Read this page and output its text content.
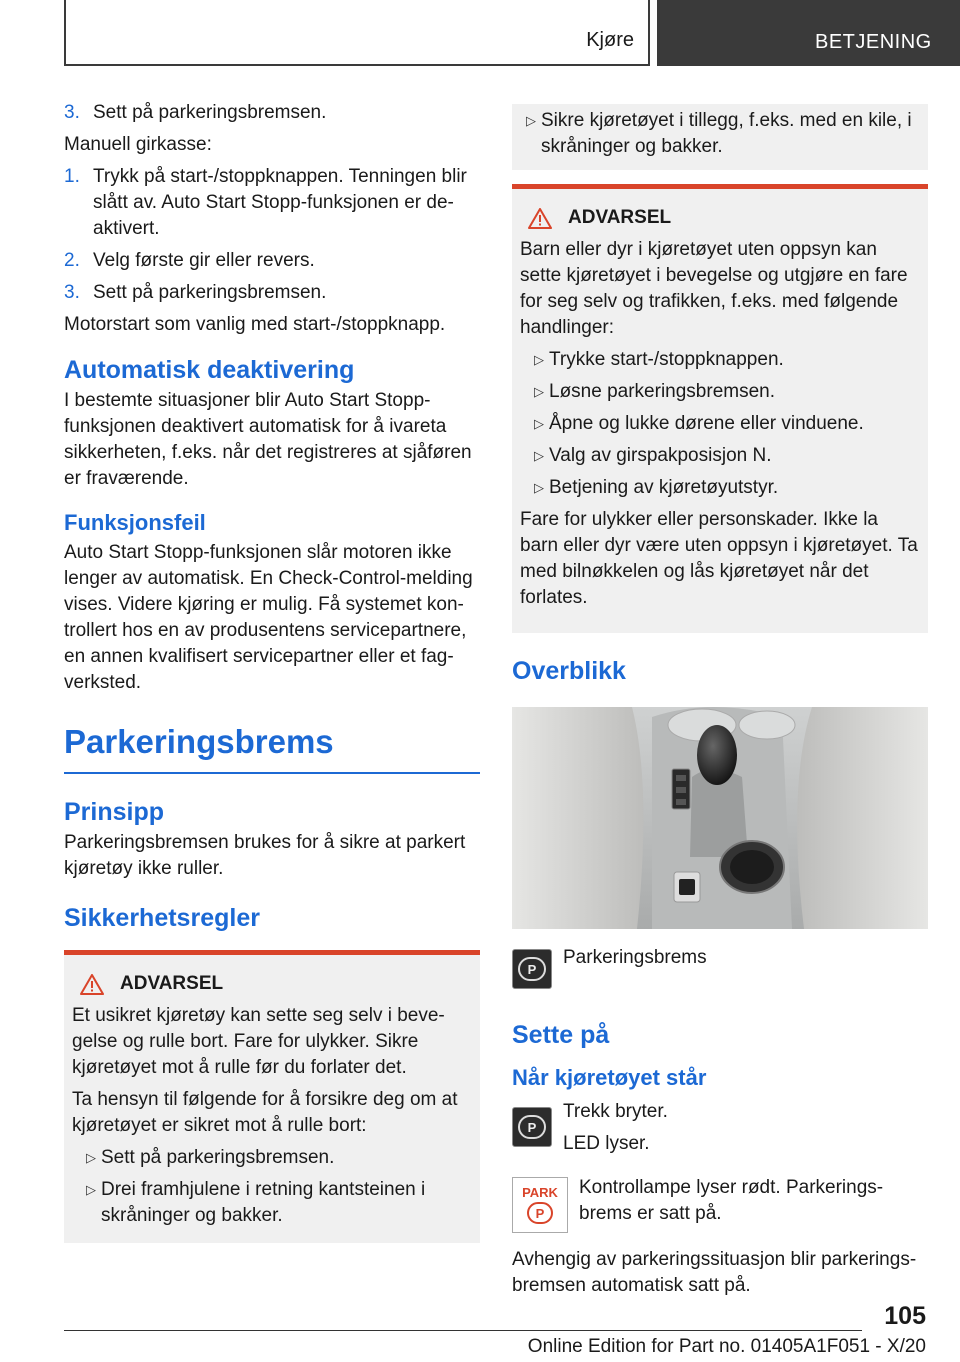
Kjøre	BETJENING
3. Sett på parkeringsbremsen.

Manuell girkasse:

1. Trykk på start-/stoppknappen. Tenningen blir slått av. Auto Start Stopp-funksjonen er deaktivert.
2. Velg første gir eller revers.
3. Sett på parkeringsbremsen.

Motorstart som vanlig med start-/stoppknapp.

Automatisk deaktivering

I bestemte situasjoner blir Auto Start Stopp-funksjonen deaktivert automatisk for å ivareta sikkerheten, f.eks. når det registreres at sjåføren er fraværende.

Funksjonsfeil

Auto Start Stopp-funksjonen slår motoren ikke lenger av automatisk. En Check-Control-melding vises. Videre kjøring er mulig. Få systemet kontrollert hos en av produsentens servicepartnere, en annen kvalifisert servicepartner eller et fagverksted.

Parkeringsbrems
Prinsipp

Parkeringsbremsen brukes for å sikre at parkert kjøretøy ikke ruller.

Sikkerhetsregler
ADVARSEL

Et usikret kjøretøy kan sette seg selv i bevegelse og rulle bort. Fare for ulykker. Sikre kjøretøyet mot å rulle før du forlater det.

Ta hensyn til følgende for å forsikre deg om at kjøretøyet er sikret mot å rulle bort:

▷ Sett på parkeringsbremsen.
▷ Drei framhjulene i retning kantsteinen i skråninger og bakker.
▷ Sikre kjøretøyet i tillegg, f.eks. med en kile, i skråninger og bakker.
ADVARSEL

Barn eller dyr i kjøretøyet uten oppsyn kan sette kjøretøyet i bevegelse og utgjøre en fare for seg selv og trafikken, f.eks. med følgende handlinger:

▷ Trykke start-/stoppknappen.
▷ Løsne parkeringsbremsen.
▷ Åpne og lukke dørene eller vinduene.
▷ Valg av girspakposisjon N.
▷ Betjening av kjøretøyutstyr.

Fare for ulykker eller personskader. Ikke la barn eller dyr være uten oppsyn i kjøretøyet. Ta med bilnøkkelen og lås kjøretøyet når det forlates.

Overblikk
P
Parkeringsbrems
Sette på
Når kjøretøyet står
P

Trekk bryter.

LED lyser.

PARK
P
Kontrollampe lyser rødt. Parkeringsbrems er satt på.

Avhengig av parkeringssituasjon blir parkeringsbremsen automatisk satt på.

105
Online Edition for Part no. 01405A1F051 - X/20
